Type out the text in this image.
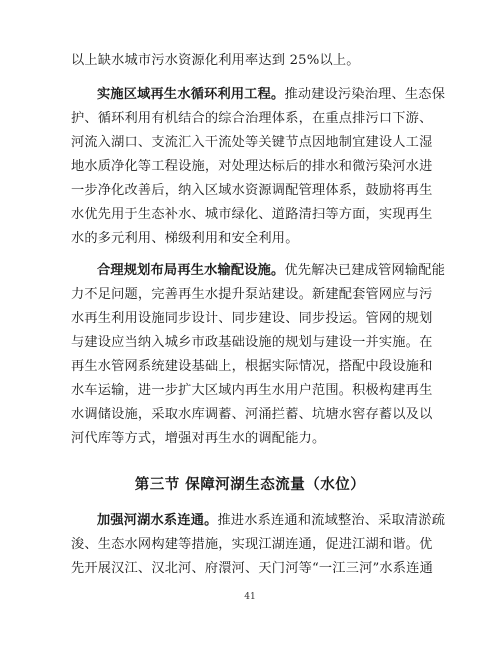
以上缺水城市污水资源化利用率达到 25%以上。
实施区域再生水循环利用工程。推动建设污染治理、生态保
护、循环利用有机结合的综合治理体系，在重点排污口下游、
河流入湖口、支流汇入干流处等关键节点因地制宜建设人工湿
地水质净化等工程设施，对处理达标后的排水和微污染河水进
一步净化改善后，纳入区域水资源调配管理体系，鼓励将再生
水优先用于生态补水、城市绿化、道路清扫等方面，实现再生
水的多元利用、梯级利用和安全利用。
合理规划布局再生水输配设施。优先解决已建成管网输配能
力不足问题，完善再生水提升泵站建设。新建配套管网应与污
水再生利用设施同步设计、同步建设、同步投运。管网的规划
与建设应当纳入城乡市政基础设施的规划与建设一并实施。在
再生水管网系统建设基础上，根据实际情况，搭配中段设施和
水车运输，进一步扩大区域内再生水用户范围。积极构建再生
水调储设施，采取水库调蓄、河涌拦蓄、坑塘水窖存蓄以及以
河代库等方式，增强对再生水的调配能力。
第三节 保障河湖生态流量（水位）
加强河湖水系连通。推进水系连通和流域整治、采取清淤疏
浚、生态水网构建等措施，实现江湖连通，促进江湖和谐。优
先开展汉江、汉北河、府澴河、天门河等“一江三河”水系连通
41
